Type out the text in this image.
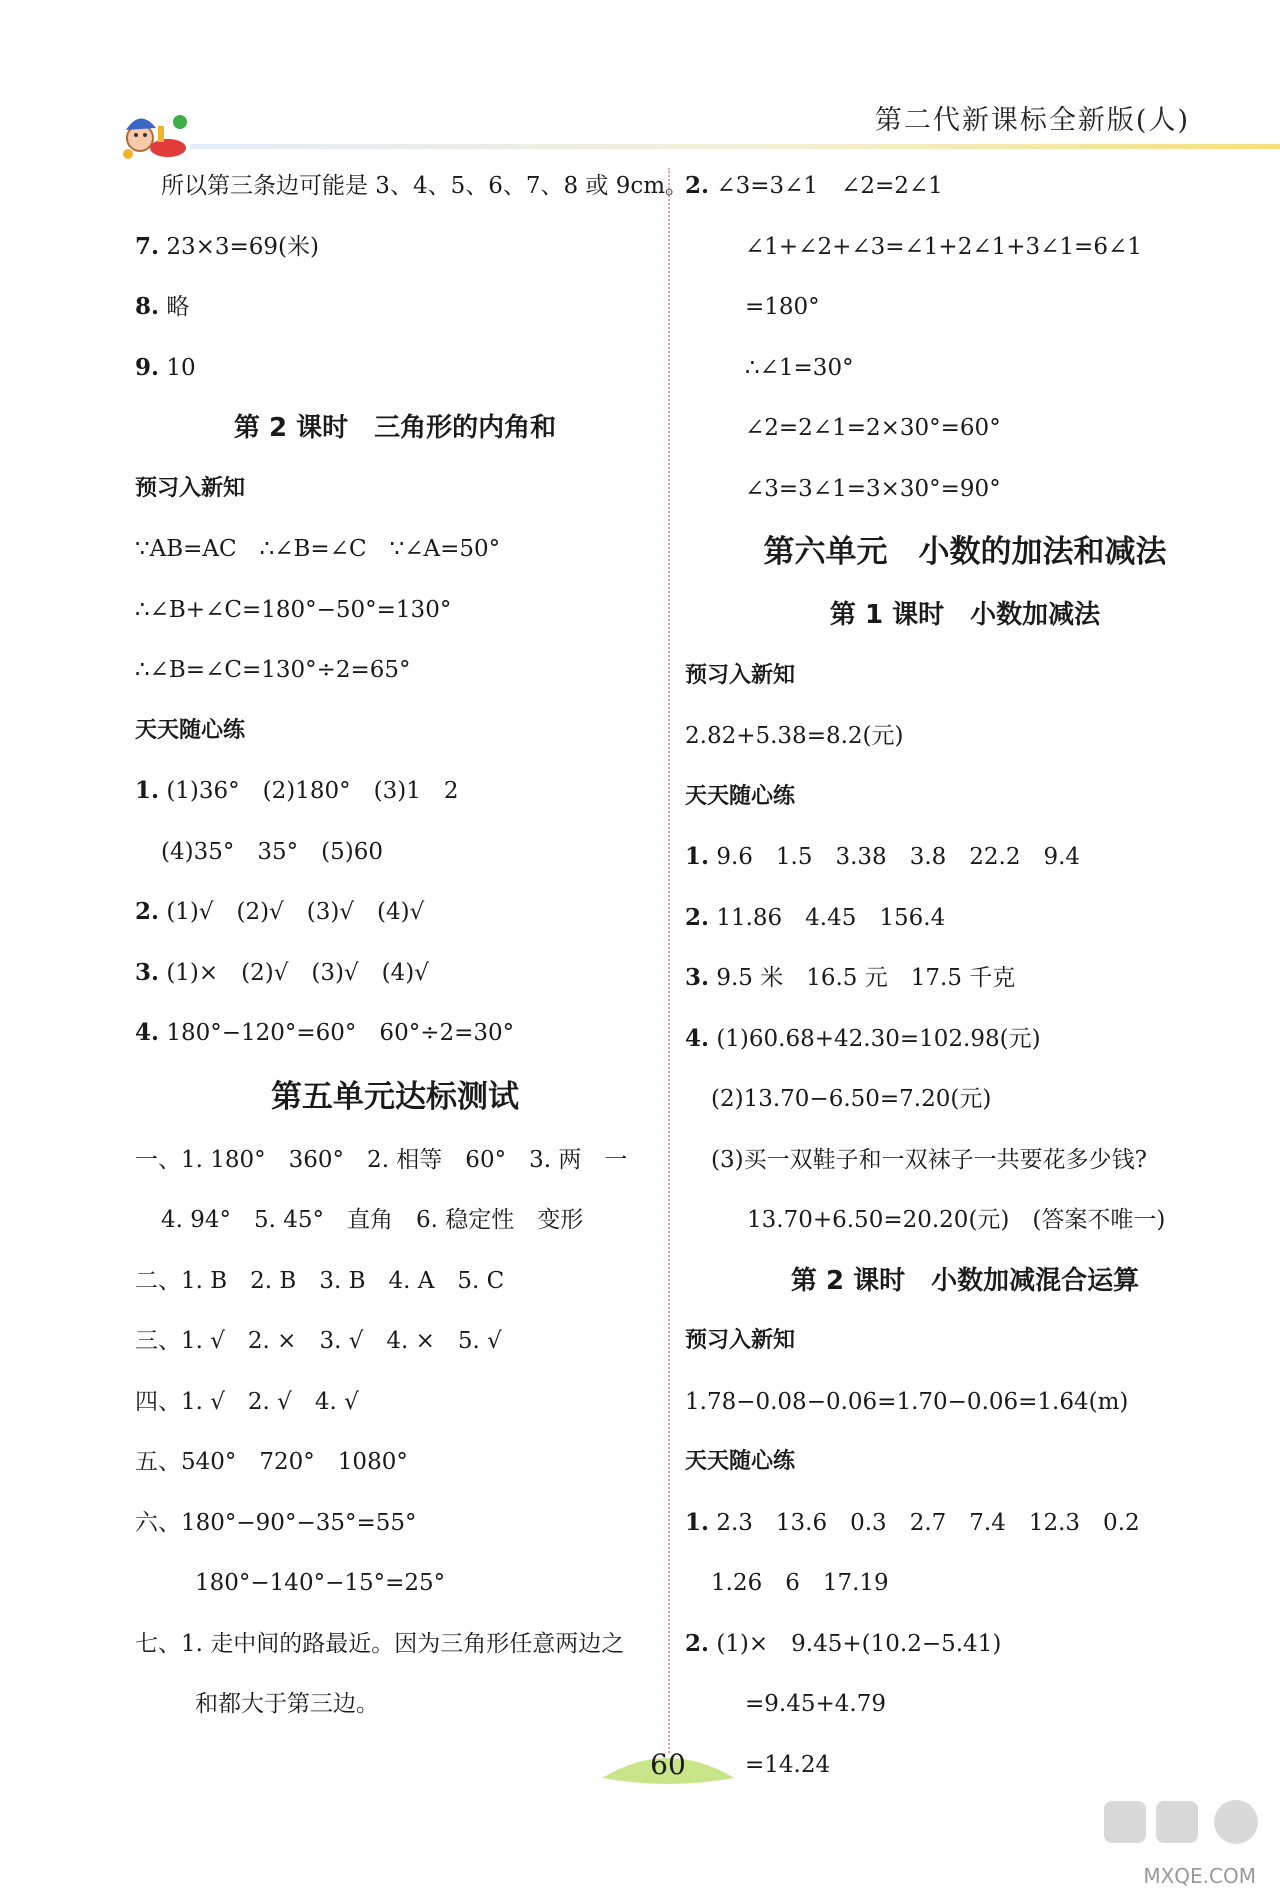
第二代新课标全新版(人)
所以第三条边可能是 3、4、5、6、7、8 或 9cm。
7. 23×3=69(米)
8. 略
9. 10
第 2 课时　三角形的内角和
预习入新知
∵AB=AC　∴∠B=∠C　∵∠A=50°
∴∠B+∠C=180°−50°=130°
∴∠B=∠C=130°÷2=65°
天天随心练
1. (1)36°　(2)180°　(3)1　2
(4)35°　35°　(5)60
2. (1)√　(2)√　(3)√　(4)√
3. (1)×　(2)√　(3)√　(4)√
4. 180°−120°=60°　60°÷2=30°
第五单元达标测试
一、1. 180°　360°　2. 相等　60°　3. 两　一
4. 94°　5. 45°　直角　6. 稳定性　变形
二、1. B　2. B　3. B　4. A　5. C
三、1. √　2. ×　3. √　4. ×　5. √
四、1. √　2. √　4. √
五、540°　720°　1080°
六、180°−90°−35°=55°
180°−140°−15°=25°
七、1. 走中间的路最近。因为三角形任意两边之
和都大于第三边。
2. ∠3=3∠1　∠2=2∠1
∠1+∠2+∠3=∠1+2∠1+3∠1=6∠1
=180°
∴∠1=30°
∠2=2∠1=2×30°=60°
∠3=3∠1=3×30°=90°
第六单元　小数的加法和减法
第 1 课时　小数加减法
预习入新知
2.82+5.38=8.2(元)
天天随心练
1. 9.6　1.5　3.38　3.8　22.2　9.4
2. 11.86　4.45　156.4
3. 9.5 米　16.5 元　17.5 千克
4. (1)60.68+42.30=102.98(元)
(2)13.70−6.50=7.20(元)
(3)买一双鞋子和一双袜子一共要花多少钱?
13.70+6.50=20.20(元)　(答案不唯一)
第 2 课时　小数加减混合运算
预习入新知
1.78−0.08−0.06=1.70−0.06=1.64(m)
天天随心练
1. 2.3　13.6　0.3　2.7　7.4　12.3　0.2
1.26　6　17.19
2. (1)×　9.45+(10.2−5.41)
=9.45+4.79
=14.24
60
MXQE.COM
